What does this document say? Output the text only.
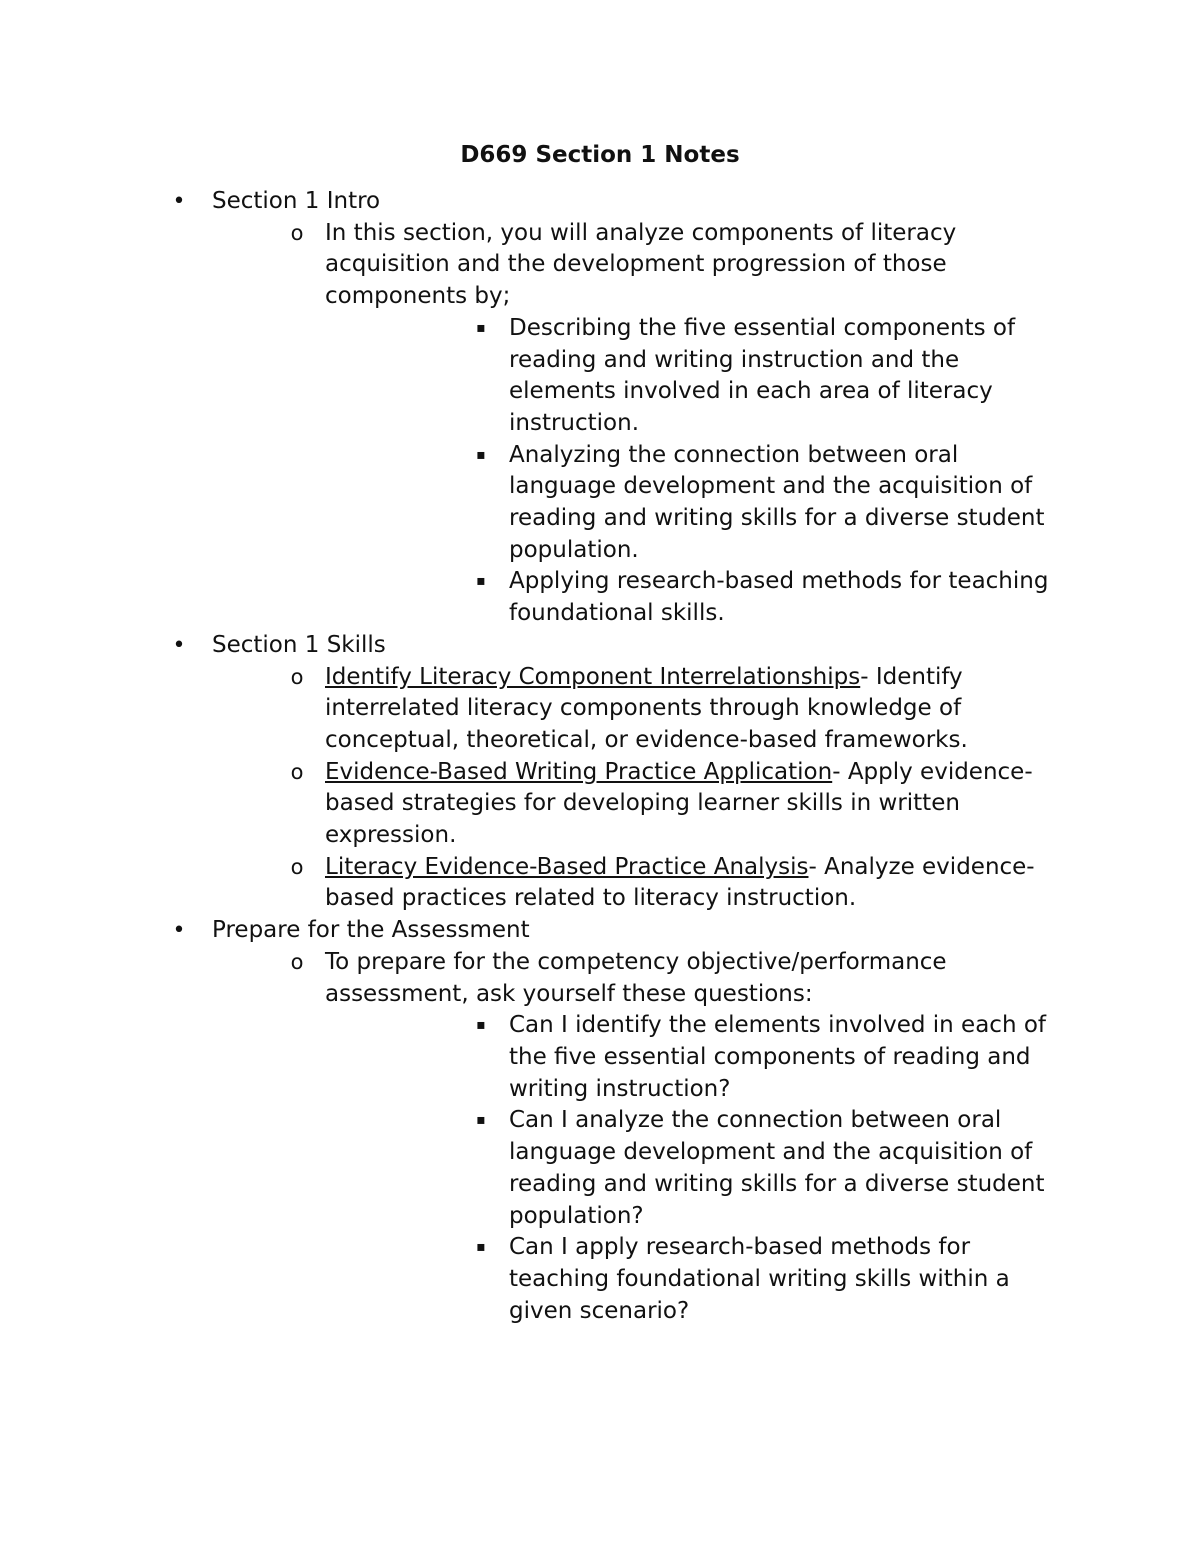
D669 Section 1 Notes
• Section 1 Intro
o In this section, you will analyze components of literacy acquisition and the development progression of those components by;
▪ Describing the five essential components of reading and writing instruction and the elements involved in each area of literacy instruction.
▪ Analyzing the connection between oral language development and the acquisition of reading and writing skills for a diverse student population.
▪ Applying research-based methods for teaching foundational skills.
• Section 1 Skills
o Identify Literacy Component Interrelationships- Identify interrelated literacy components through knowledge of conceptual, theoretical, or evidence-based frameworks.
o Evidence-Based Writing Practice Application- Apply evidence-based strategies for developing learner skills in written expression.
o Literacy Evidence-Based Practice Analysis- Analyze evidence-based practices related to literacy instruction.
• Prepare for the Assessment
o To prepare for the competency objective/performance assessment, ask yourself these questions:
▪ Can I identify the elements involved in each of the five essential components of reading and writing instruction?
▪ Can I analyze the connection between oral language development and the acquisition of reading and writing skills for a diverse student population?
▪ Can I apply research-based methods for teaching foundational writing skills within a given scenario?
